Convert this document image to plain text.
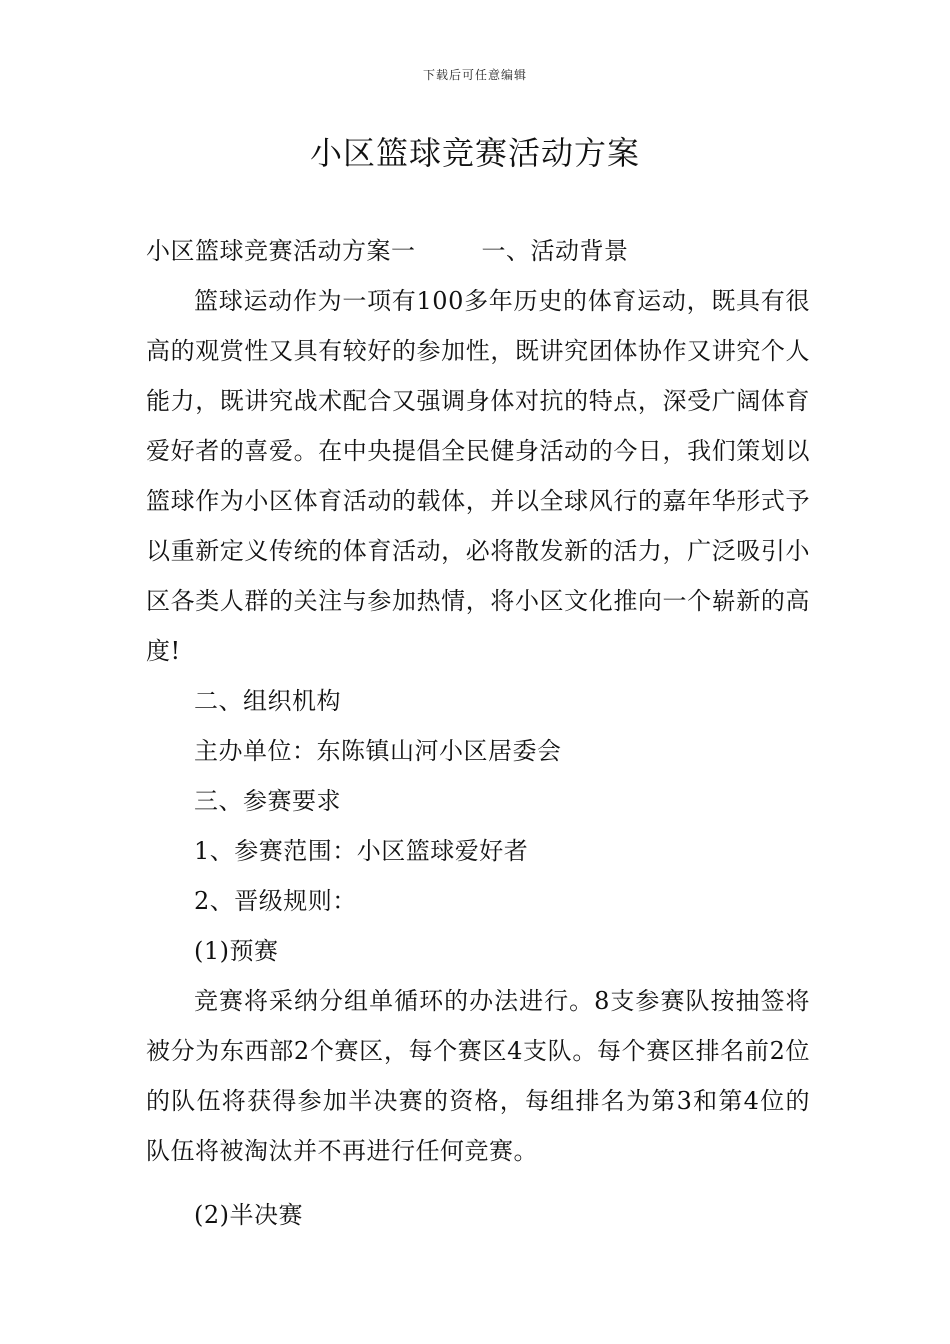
下载后可任意编辑
小区篮球竞赛活动方案

小区篮球竞赛活动方案一	一、活动背景

篮球运动作为一项有100多年历史的体育运动，既具有很高的观赏性又具有较好的参加性，既讲究团体协作又讲究个人能力，既讲究战术配合又强调身体对抗的特点，深受广阔体育爱好者的喜爱。在中央提倡全民健身活动的今日，我们策划以篮球作为小区体育活动的载体，并以全球风行的嘉年华形式予以重新定义传统的体育活动，必将散发新的活力，广泛吸引小区各类人群的关注与参加热情，将小区文化推向一个崭新的高度!

二、组织机构

主办单位：东陈镇山河小区居委会

三、参赛要求

1、参赛范围：小区篮球爱好者

2、晋级规则：

(1)预赛

竞赛将采纳分组单循环的办法进行。8支参赛队按抽签将被分为东西部2个赛区，每个赛区4支队。每个赛区排名前2位的队伍将获得参加半决赛的资格，每组排名为第3和第4位的队伍将被淘汰并不再进行任何竞赛。

(2)半决赛
